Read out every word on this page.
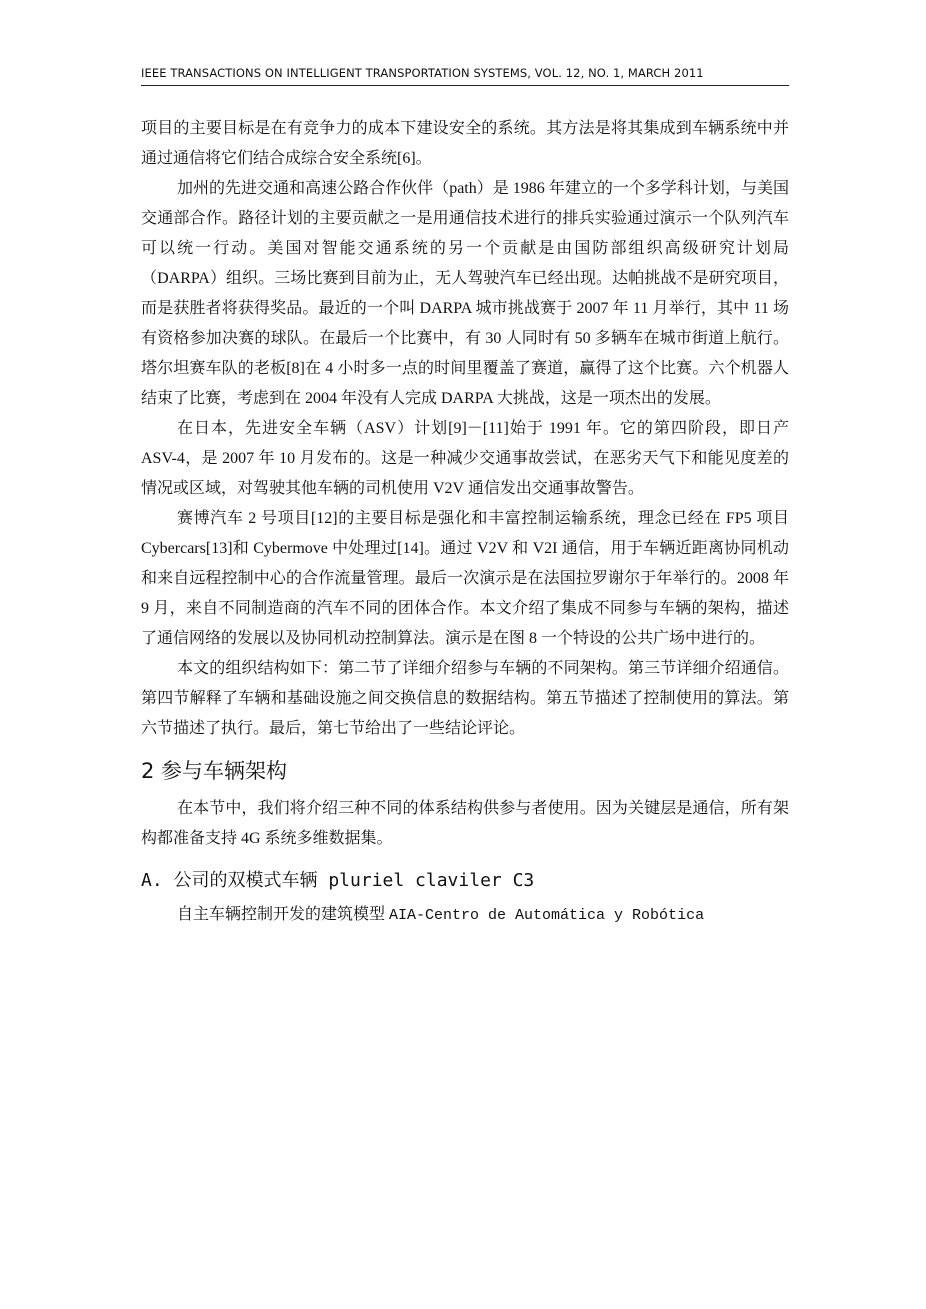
IEEE TRANSACTIONS ON INTELLIGENT TRANSPORTATION SYSTEMS, VOL. 12, NO. 1, MARCH 2011

项目的主要目标是在有竞争力的成本下建设安全的系统。其方法是将其集成到车辆系统中并通过通信将它们结合成综合安全系统[6]。

加州的先进交通和高速公路合作伙伴（path）是 1986 年建立的一个多学科计划，与美国交通部合作。路径计划的主要贡献之一是用通信技术进行的排兵实验通过演示一个队列汽车可以统一行动。美国对智能交通系统的另一个贡献是由国防部组织高级研究计划局（DARPA）组织。三场比赛到目前为止，无人驾驶汽车已经出现。达帕挑战不是研究项目，而是获胜者将获得奖品。最近的一个叫 DARPA 城市挑战赛于 2007 年 11 月举行，其中 11 场有资格参加决赛的球队。在最后一个比赛中，有 30 人同时有 50 多辆车在城市街道上航行。塔尔坦赛车队的老板[8]在 4 小时多一点的时间里覆盖了赛道，赢得了这个比赛。六个机器人结束了比赛，考虑到在 2004 年没有人完成 DARPA 大挑战，这是一项杰出的发展。

在日本，先进安全车辆（ASV）计划[9]－[11]始于 1991 年。它的第四阶段，即日产 ASV-4，是 2007 年 10 月发布的。这是一种减少交通事故尝试，在恶劣天气下和能见度差的情况或区域，对驾驶其他车辆的司机使用 V2V 通信发出交通事故警告。

赛博汽车 2 号项目[12]的主要目标是强化和丰富控制运输系统，理念已经在 FP5 项目 Cybercars[13]和 Cybermove 中处理过[14]。通过 V2V 和 V2I 通信，用于车辆近距离协同机动和来自远程控制中心的合作流量管理。最后一次演示是在法国拉罗谢尔于年举行的。2008 年 9 月，来自不同制造商的汽车不同的团体合作。本文介绍了集成不同参与车辆的架构，描述了通信网络的发展以及协同机动控制算法。演示是在图 8 一个特设的公共广场中进行的。

本文的组织结构如下：第二节了详细介绍参与车辆的不同架构。第三节详细介绍通信。第四节解释了车辆和基础设施之间交换信息的数据结构。第五节描述了控制使用的算法。第六节描述了执行。最后，第七节给出了一些结论评论。

2 参与车辆架构

在本节中，我们将介绍三种不同的体系结构供参与者使用。因为关键层是通信，所有架构都准备支持 4G 系统多维数据集。

A. 公司的双模式车辆 pluriel claviler C3

自主车辆控制开发的建筑模型 AIA-Centro de Automática y Robótica
